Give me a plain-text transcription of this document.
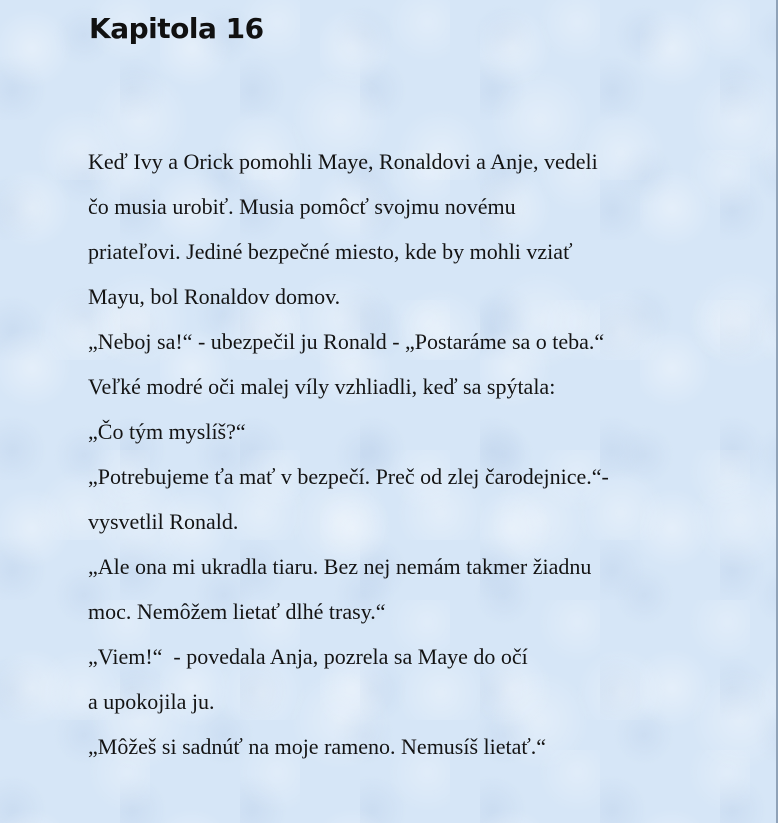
Kapitola 16
Keď Ivy a Orick pomohli Maye, Ronaldovi a Anje, vedeli
čo musia urobiť. Musia pomôcť svojmu novému
priateľovi. Jediné bezpečné miesto, kde by mohli vziať
Mayu, bol Ronaldov domov.
„Neboj sa!“ - ubezpečil ju Ronald - „Postaráme sa o teba.“
Veľké modré oči malej víly vzhliadli, keď sa spýtala:
„Čo tým myslíš?“
„Potrebujeme ťa mať v bezpečí. Preč od zlej čarodejnice.“-
vysvetlil Ronald.
„Ale ona mi ukradla tiaru. Bez nej nemám takmer žiadnu
moc. Nemôžem lietať dlhé trasy.“
„Viem!“  - povedala Anja, pozrela sa Maye do očí
a upokojila ju.
„Môžeš si sadnúť na moje rameno. Nemusíš lietať.“
